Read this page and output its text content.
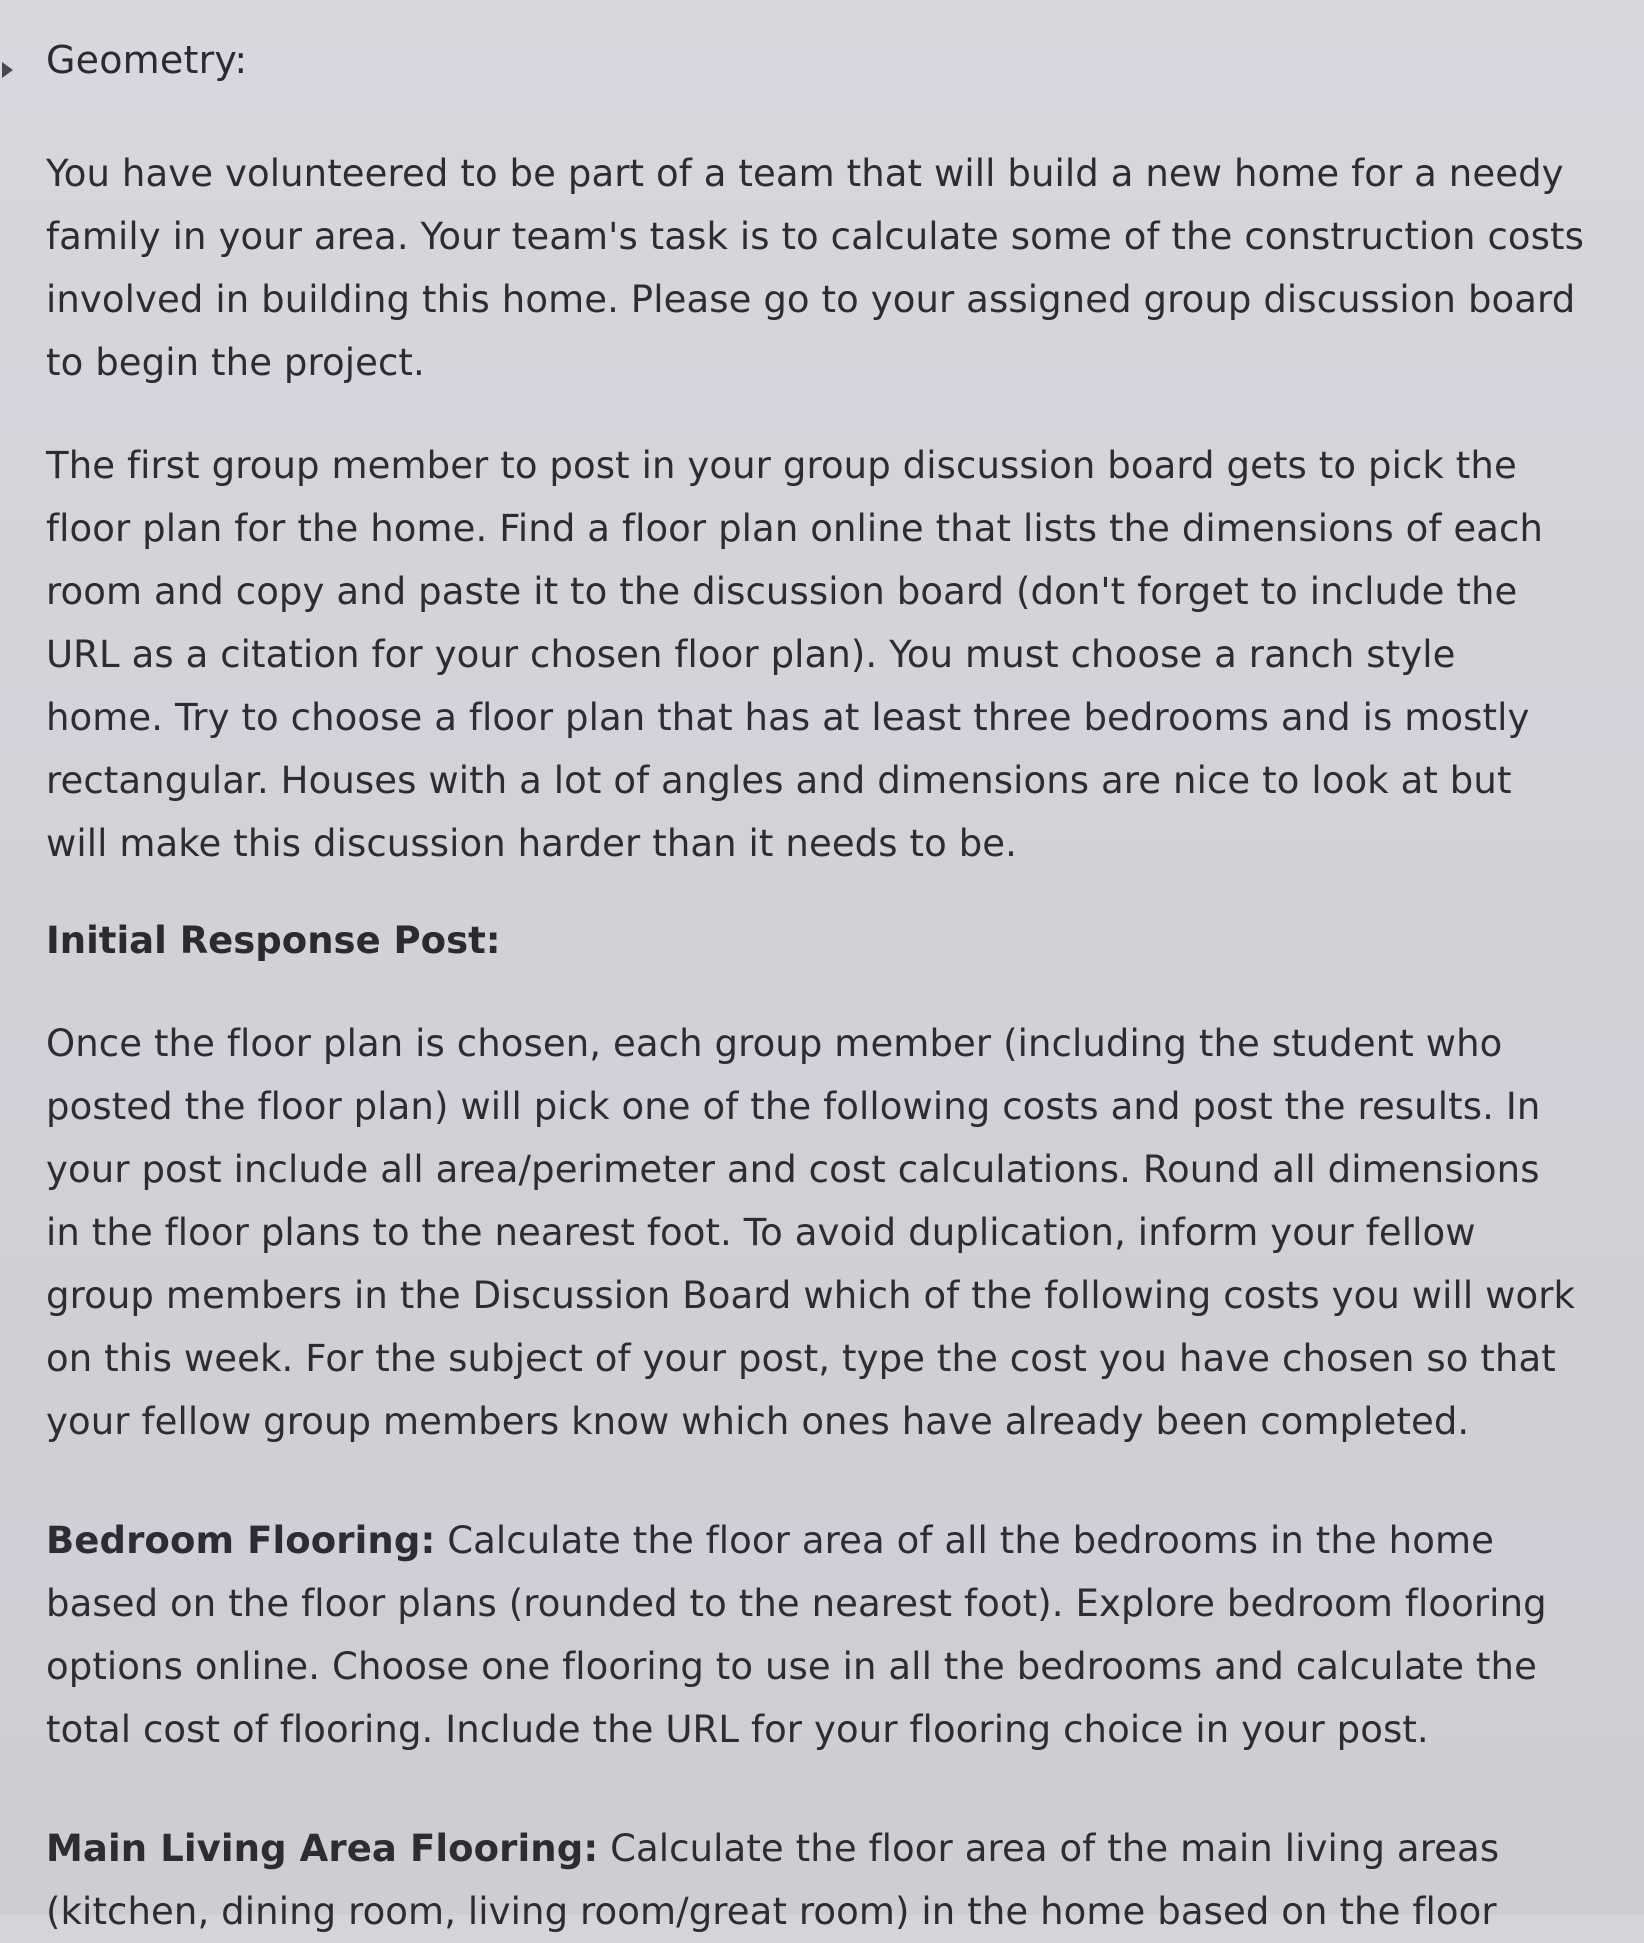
Geometry:

You have volunteered to be part of a team that will build a new home for a needy family in your area. Your team's task is to calculate some of the construction costs involved in building this home. Please go to your assigned group discussion board to begin the project.

The first group member to post in your group discussion board gets to pick the floor plan for the home. Find a floor plan online that lists the dimensions of each room and copy and paste it to the discussion board (don't forget to include the URL as a citation for your chosen floor plan). You must choose a ranch style home. Try to choose a floor plan that has at least three bedrooms and is mostly rectangular. Houses with a lot of angles and dimensions are nice to look at but will make this discussion harder than it needs to be.

Initial Response Post:

Once the floor plan is chosen, each group member (including the student who posted the floor plan) will pick one of the following costs and post the results. In your post include all area/perimeter and cost calculations. Round all dimensions in the floor plans to the nearest foot. To avoid duplication, inform your fellow group members in the Discussion Board which of the following costs you will work on this week. For the subject of your post, type the cost you have chosen so that your fellow group members know which ones have already been completed.

Bedroom Flooring: Calculate the floor area of all the bedrooms in the home based on the floor plans (rounded to the nearest foot). Explore bedroom flooring options online. Choose one flooring to use in all the bedrooms and calculate the total cost of flooring. Include the URL for your flooring choice in your post.

Main Living Area Flooring: Calculate the floor area of the main living areas (kitchen, dining room, living room/great room) in the home based on the floor
